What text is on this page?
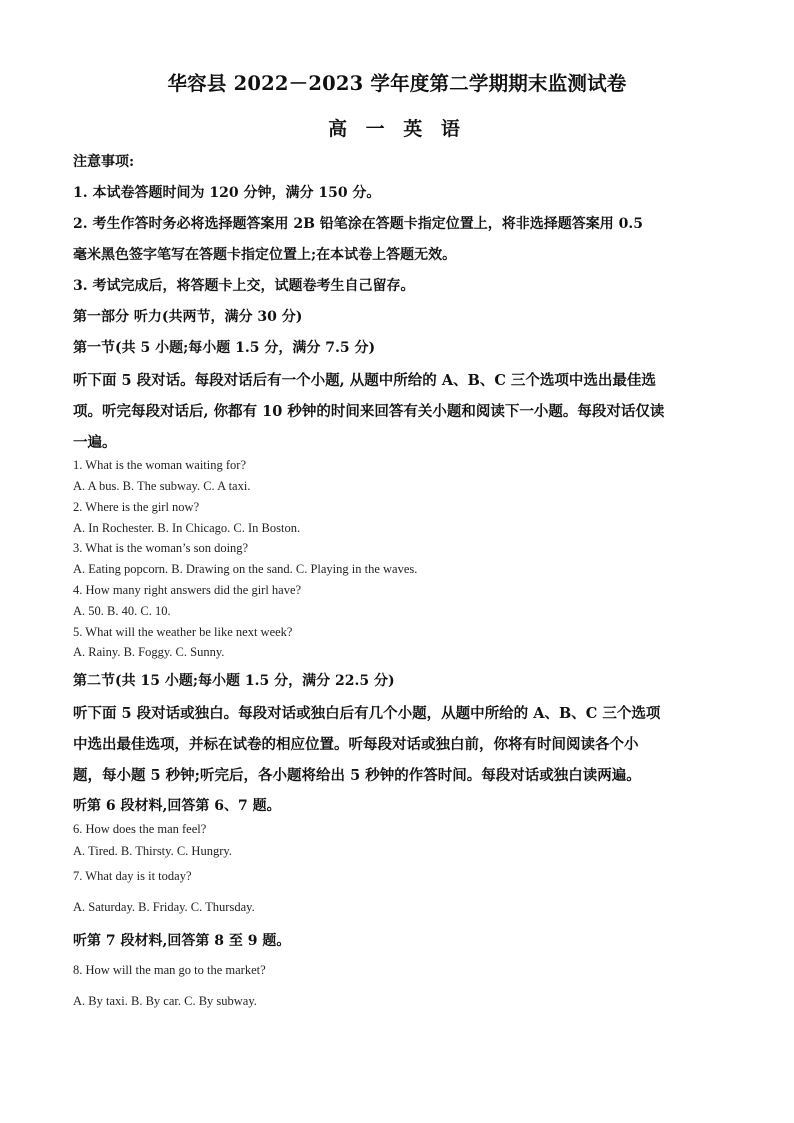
华容县 2022－2023 学年度第二学期期末监测试卷
高 一 英 语
注意事项:
1. 本试卷答题时间为 120 分钟，满分 150 分。
2. 考生作答时务必将选择题答案用 2B 铅笔涂在答题卡指定位置上，将非选择题答案用 0.5
毫米黑色签字笔写在答题卡指定位置上;在本试卷上答题无效。
3. 考试完成后，将答题卡上交，试题卷考生自己留存。
第一部分 听力(共两节，满分 30 分)
第一节(共 5 小题;每小题 1.5 分，满分 7.5 分)
听下面 5 段对话。每段对话后有一个小题, 从题中所给的 A、B、C 三个选项中选出最佳选
项。听完每段对话后, 你都有 10 秒钟的时间来回答有关小题和阅读下一小题。每段对话仅读
一遍。
1. What is the woman waiting for?
A. A bus. B. The subway. C. A taxi.
2. Where is the girl now?
A. In Rochester. B. In Chicago. C. In Boston.
3. What is the woman’s son doing?
A. Eating popcorn. B. Drawing on the sand. C. Playing in the waves.
4. How many right answers did the girl have?
A. 50. B. 40. C. 10.
5. What will the weather be like next week?
A. Rainy. B. Foggy. C. Sunny.
第二节(共 15 小题;每小题 1.5 分，满分 22.5 分)
听下面 5 段对话或独白。每段对话或独白后有几个小题，从题中所给的 A、B、C 三个选项
中选出最佳选项，并标在试卷的相应位置。听每段对话或独白前，你将有时间阅读各个小
题，每小题 5 秒钟;听完后，各小题将给出 5 秒钟的作答时间。每段对话或独白读两遍。
听第 6 段材料,回答第 6、7 题。
6. How does the man feel?
A. Tired. B. Thirsty. C. Hungry.
7. What day is it today?
A. Saturday. B. Friday. C. Thursday.
听第 7 段材料,回答第 8 至 9 题。
8. How will the man go to the market?
A. By taxi. B. By car. C. By subway.
